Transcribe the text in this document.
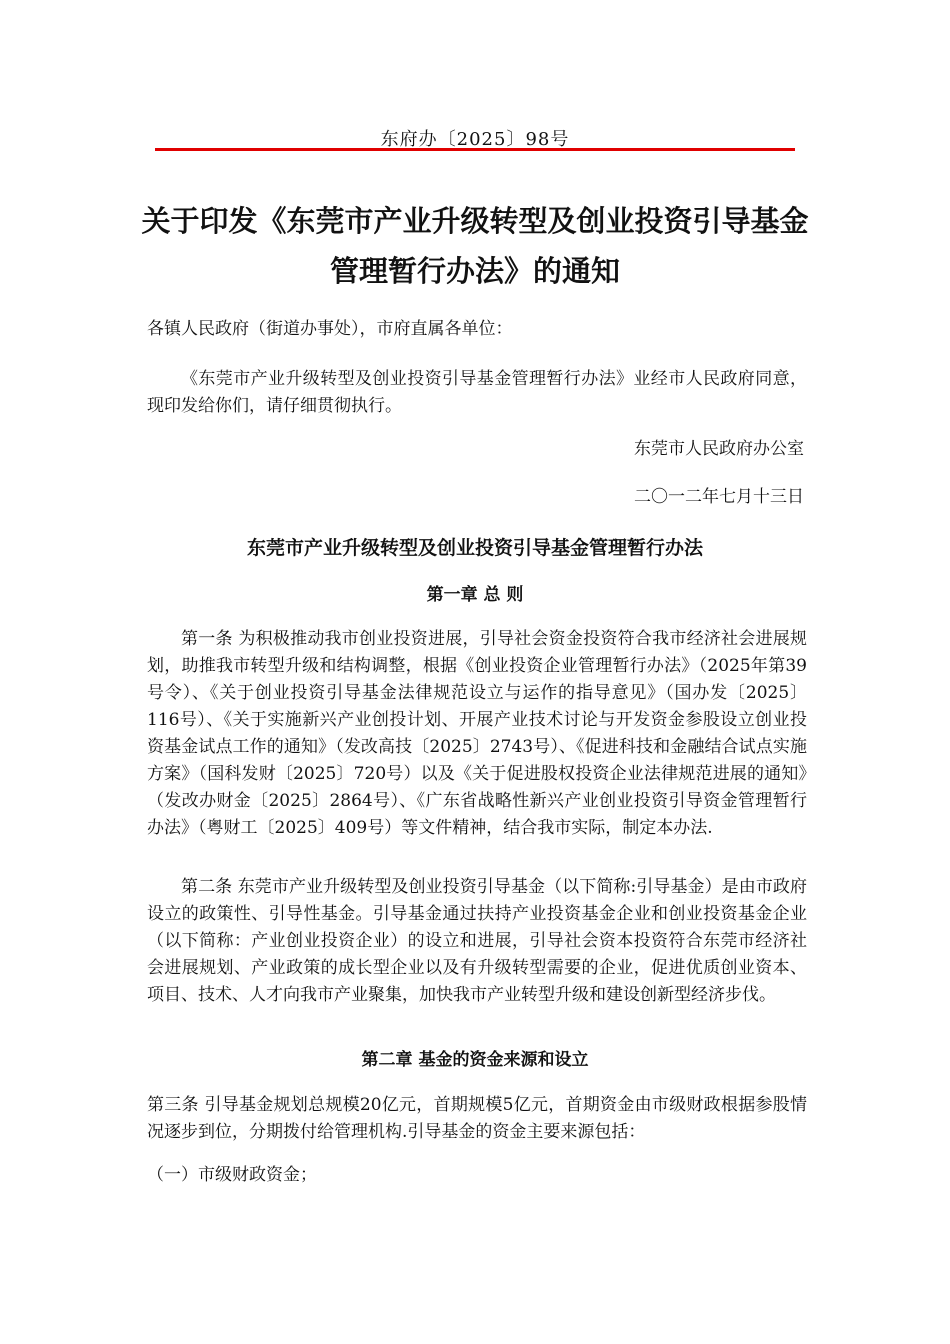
东府办〔2025〕98号
关于印发《东莞市产业升级转型及创业投资引导基金
管理暂行办法》的通知

各镇人民政府（街道办事处），市府直属各单位：

《东莞市产业升级转型及创业投资引导基金管理暂行办法》业经市人民政府同意，现印发给你们，请仔细贯彻执行。

东莞市人民政府办公室
二〇一二年七月十三日
东莞市产业升级转型及创业投资引导基金管理暂行办法
第一章 总 则

第一条 为积极推动我市创业投资进展，引导社会资金投资符合我市经济社会进展规划，助推我市转型升级和结构调整，根据《创业投资企业管理暂行办法》（2025年第39号令）、《关于创业投资引导基金法律规范设立与运作的指导意见》（国办发〔2025〕116号）、《关于实施新兴产业创投计划、开展产业技术讨论与开发资金参股设立创业投资基金试点工作的通知》（发改高技〔2025〕2743号）、《促进科技和金融结合试点实施方案》（国科发财〔2025〕720号）以及《关于促进股权投资企业法律规范进展的通知》（发改办财金〔2025〕2864号）、《广东省战略性新兴产业创业投资引导资金管理暂行办法》（粤财工〔2025〕409号）等文件精神，结合我市实际，制定本办法.

第二条 东莞市产业升级转型及创业投资引导基金（以下简称:引导基金）是由市政府设立的政策性、引导性基金。引导基金通过扶持产业投资基金企业和创业投资基金企业（以下简称：产业创业投资企业）的设立和进展，引导社会资本投资符合东莞市经济社会进展规划、产业政策的成长型企业以及有升级转型需要的企业，促进优质创业资本、项目、技术、人才向我市产业聚集，加快我市产业转型升级和建设创新型经济步伐。

第二章 基金的资金来源和设立

第三条 引导基金规划总规模20亿元，首期规模5亿元，首期资金由市级财政根据参股情况逐步到位，分期拨付给管理机构.引导基金的资金主要来源包括：

（一）市级财政资金；
